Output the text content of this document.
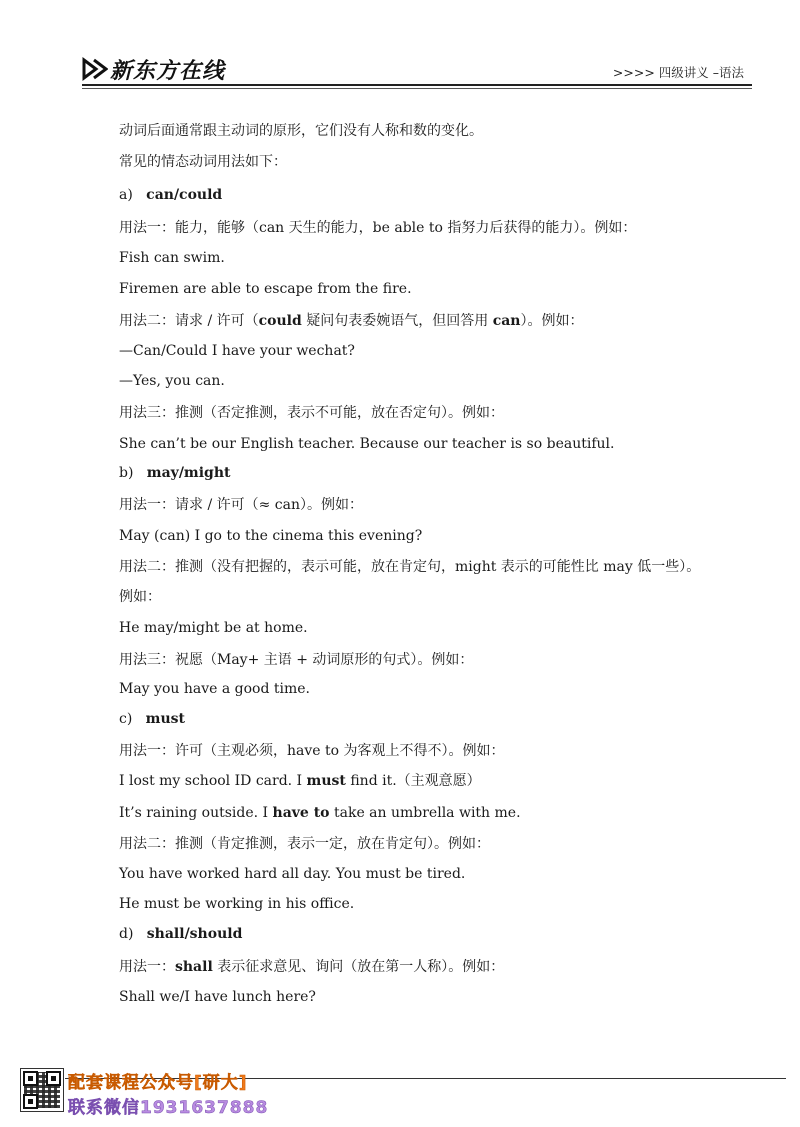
新东方在线	>>>> 四级讲义 –语法
动词后面通常跟主动词的原形，它们没有人称和数的变化。
常见的情态动词用法如下：
a) can/could
用法一：能力，能够（can 天生的能力，be able to 指努力后获得的能力）。例如：
Fish can swim.
Firemen are able to escape from the fire.
用法二：请求 / 许可（could 疑问句表委婉语气，但回答用 can）。例如：
—Can/Could I have your wechat?
—Yes, you can.
用法三：推测（否定推测，表示不可能，放在否定句）。例如：
She can’t be our English teacher. Because our teacher is so beautiful.
b) may/might
用法一：请求 / 许可（≈ can）。例如：
May (can) I go to the cinema this evening?
用法二：推测（没有把握的，表示可能，放在肯定句，might 表示的可能性比 may 低一些）。
例如：
He may/might be at home.
用法三：祝愿（May+ 主语 + 动词原形的句式）。例如：
May you have a good time.
c) must
用法一：许可（主观必须，have to 为客观上不得不）。例如：
I lost my school ID card. I must find it.（主观意愿）
It’s raining outside. I have to take an umbrella with me.
用法二：推测（肯定推测，表示一定，放在肯定句）。例如：
You have worked hard all day. You must be tired.
He must be working in his office.
d) shall/should
用法一：shall 表示征求意见、询问（放在第一人称）。例如：
Shall we/I have lunch here?
配套课程公众号[研大]
联系微信1931637888
